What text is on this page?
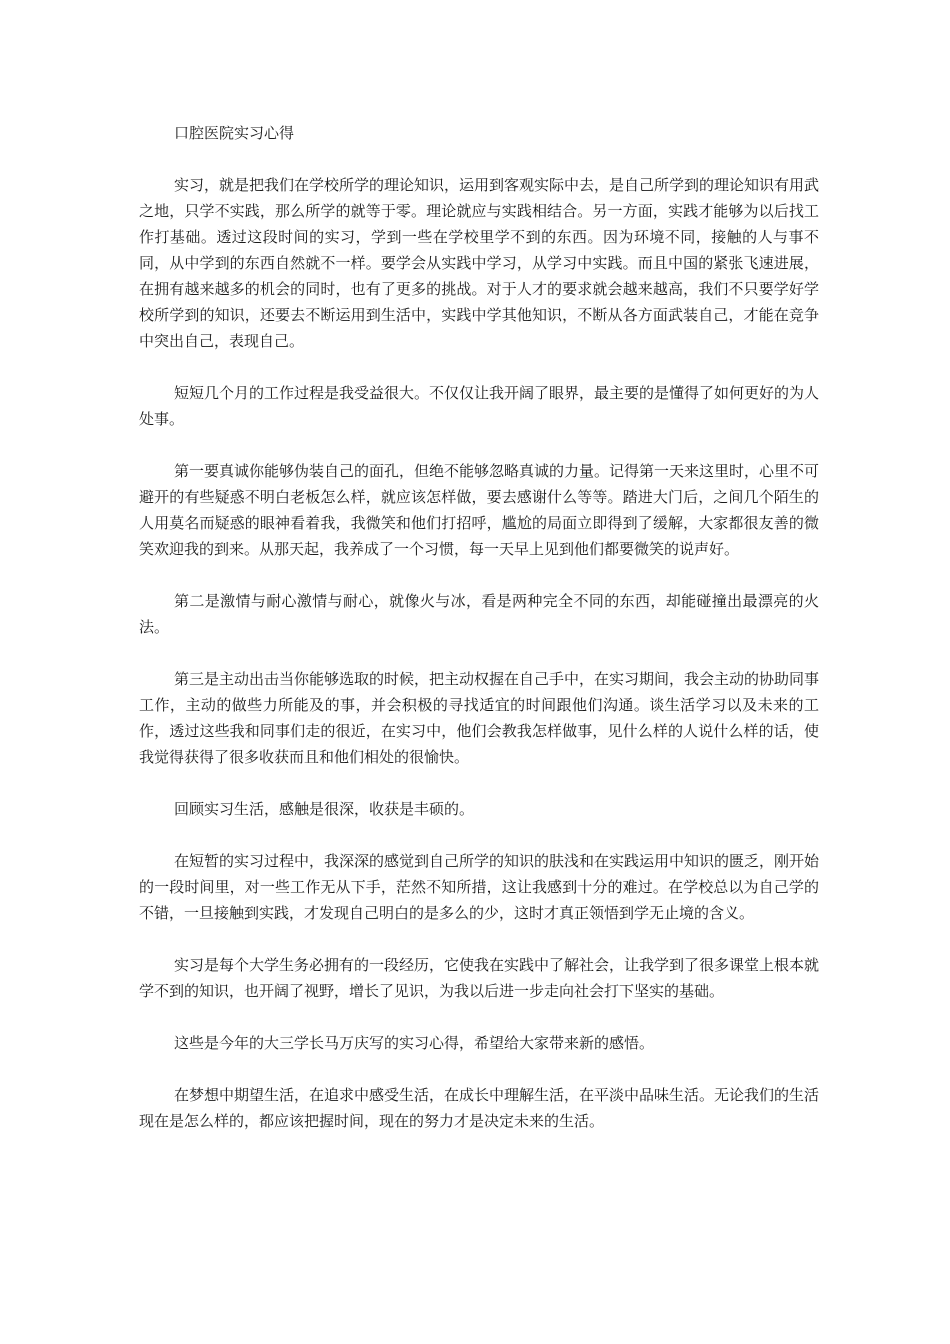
口腔医院实习心得

实习，就是把我们在学校所学的理论知识，运用到客观实际中去，是自己所学到的理论知识有用武之地，只学不实践，那么所学的就等于零。理论就应与实践相结合。另一方面，实践才能够为以后找工作打基础。透过这段时间的实习，学到一些在学校里学不到的东西。因为环境不同，接触的人与事不同，从中学到的东西自然就不一样。要学会从实践中学习，从学习中实践。而且中国的紧张飞速进展，在拥有越来越多的机会的同时，也有了更多的挑战。对于人才的要求就会越来越高，我们不只要学好学校所学到的知识，还要去不断运用到生活中，实践中学其他知识，不断从各方面武装自己，才能在竞争中突出自己，表现自己。

短短几个月的工作过程是我受益很大。不仅仅让我开阔了眼界，最主要的是懂得了如何更好的为人处事。

第一要真诚你能够伪装自己的面孔，但绝不能够忽略真诚的力量。记得第一天来这里时，心里不可避开的有些疑惑不明白老板怎么样，就应该怎样做，要去感谢什么等等。踏进大门后，之间几个陌生的人用莫名而疑惑的眼神看着我，我微笑和他们打招呼，尴尬的局面立即得到了缓解，大家都很友善的微笑欢迎我的到来。从那天起，我养成了一个习惯，每一天早上见到他们都要微笑的说声好。

第二是激情与耐心激情与耐心，就像火与冰，看是两种完全不同的东西，却能碰撞出最漂亮的火法。

第三是主动出击当你能够选取的时候，把主动权握在自己手中，在实习期间，我会主动的协助同事工作，主动的做些力所能及的事，并会积极的寻找适宜的时间跟他们沟通。谈生活学习以及未来的工作，透过这些我和同事们走的很近，在实习中，他们会教我怎样做事，见什么样的人说什么样的话，使我觉得获得了很多收获而且和他们相处的很愉快。

回顾实习生活，感触是很深，收获是丰硕的。

在短暂的实习过程中，我深深的感觉到自己所学的知识的肤浅和在实践运用中知识的匮乏，刚开始的一段时间里，对一些工作无从下手，茫然不知所措，这让我感到十分的难过。在学校总以为自己学的不错，一旦接触到实践，才发现自己明白的是多么的少，这时才真正领悟到学无止境的含义。

实习是每个大学生务必拥有的一段经历，它使我在实践中了解社会，让我学到了很多课堂上根本就学不到的知识，也开阔了视野，增长了见识，为我以后进一步走向社会打下坚实的基础。

这些是今年的大三学长马万庆写的实习心得，希望给大家带来新的感悟。

在梦想中期望生活，在追求中感受生活，在成长中理解生活，在平淡中品味生活。无论我们的生活现在是怎么样的，都应该把握时间，现在的努力才是决定未来的生活。
